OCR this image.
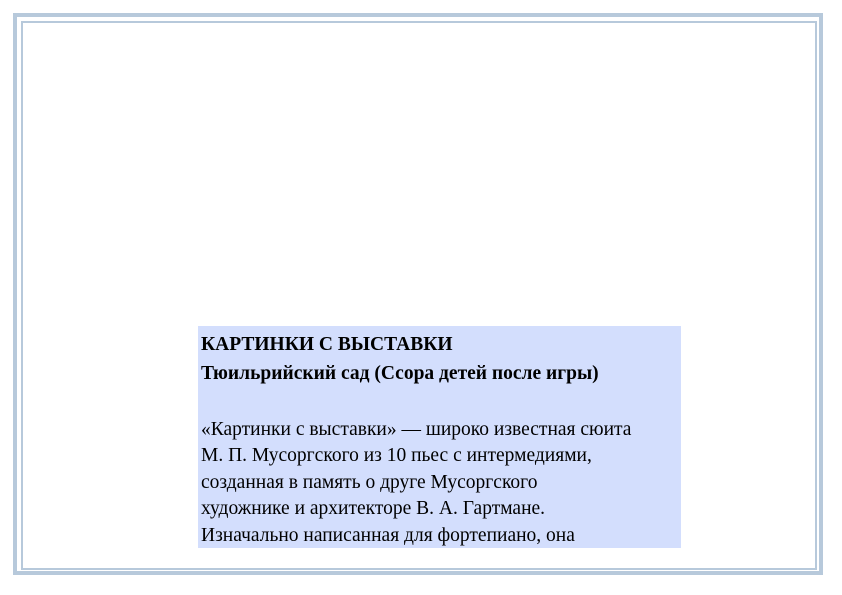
КАРТИНКИ С ВЫСТАВКИ

Тюильрийский сад (Ссора детей после игры)

«Картинки с выставки» — широко известная сюита
М. П. Мусоргского из 10 пьес с интермедиями,
созданная в память о друге Мусоргского
художнике и архитекторе В. А. Гартмане.
Изначально написанная для фортепиано, она
